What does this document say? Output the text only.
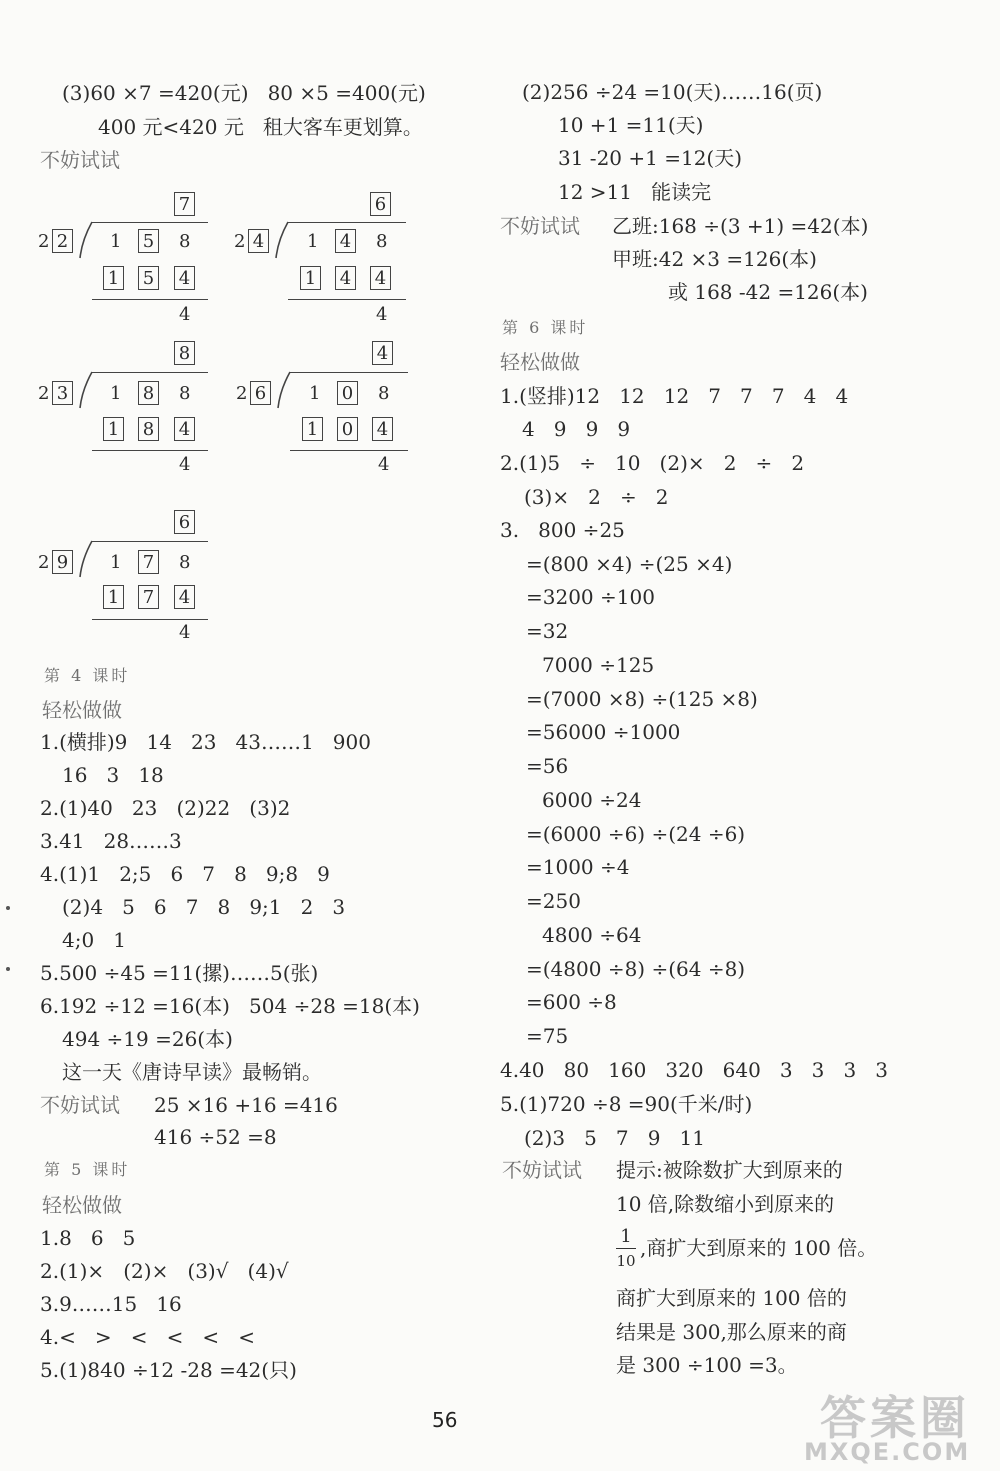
(3)60 ×7 =420(元)   80 ×5 =400(元)
400 元<420 元   租大客车更划算。
不妨试试
7
2 2 1 5 8
1 5 4
4
6
2 4 1 4 8
1 4 4
4
8
2 3 1 8 8
1 8 4
4
4
2 6 1 0 8
1 0 4
4
6
2 9 1 7 8
1 7 4
4
第 4 课时
轻松做做
1.(横排)9   14   23   43……1   900
16   3   18
2.(1)40   23   (2)22   (3)2
3.41   28……3
4.(1)1   2;5   6   7   8   9;8   9
(2)4   5   6   7   8   9;1   2   3
4;0   1
5.500 ÷45 =11(摞)……5(张)
6.192 ÷12 =16(本)   504 ÷28 =18(本)
494 ÷19 =26(本)
这一天《唐诗早读》最畅销。
不妨试试 25 ×16 +16 =416
416 ÷52 =8
第 5 课时
轻松做做
1.8   6   5
2.(1)×   (2)×   (3)√   (4)√
3.9……15   16
4.<   >   <   <   <   <
5.(1)840 ÷12 -28 =42(只)
(2)256 ÷24 =10(天)……16(页)
10 +1 =11(天)
31 -20 +1 =12(天)
12 >11   能读完
不妨试试 乙班:168 ÷(3 +1) =42(本)
甲班:42 ×3 =126(本)
或 168 -42 =126(本)
第 6 课时
轻松做做
1.(竖排)12   12   12   7   7   7   4   4
4   9   9   9
2.(1)5   ÷   10   (2)×   2   ÷   2
(3)×   2   ÷   2
3.   800 ÷25
=(800 ×4) ÷(25 ×4)
=3200 ÷100
=32
7000 ÷125
=(7000 ×8) ÷(125 ×8)
=56000 ÷1000
=56
6000 ÷24
=(6000 ÷6) ÷(24 ÷6)
=1000 ÷4
=250
4800 ÷64
=(4800 ÷8) ÷(64 ÷8)
=600 ÷8
=75
4.40   80   160   320   640   3   3   3   3
5.(1)720 ÷8 =90(千米/时)
(2)3   5   7   9   11
不妨试试 提示:被除数扩大到原来的
10 倍,除数缩小到原来的
1
10
,商扩大到原来的 100 倍。
商扩大到原来的 100 倍的
结果是 300,那么原来的商
是 300 ÷100 =3。
56	答案圈
MXQE.COM
